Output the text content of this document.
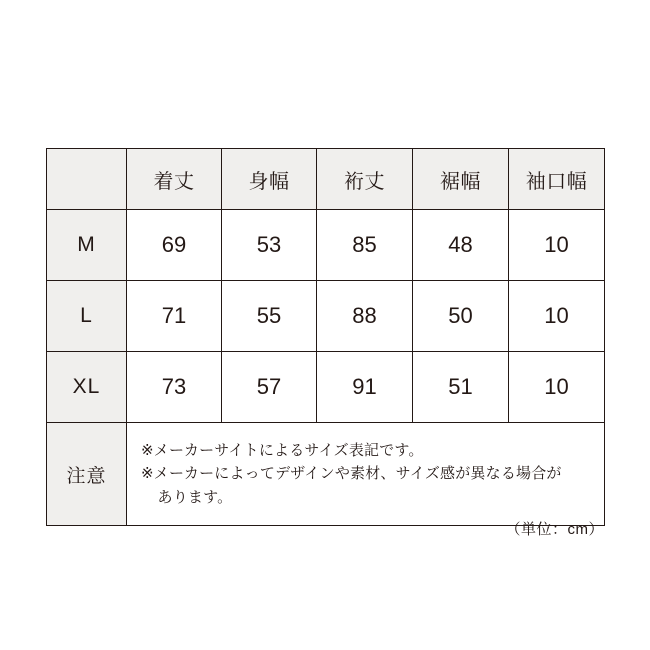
	着丈	身幅	裄丈	裾幅	袖口幅
M	69	53	85	48	10
L	71	55	88	50	10
XL	73	57	91	51	10
注意	※メーカーサイトによるサイズ表記です。
※メーカーによってデザインや素材、サイズ感が異なる場合が
あります。				
（単位：cm）
